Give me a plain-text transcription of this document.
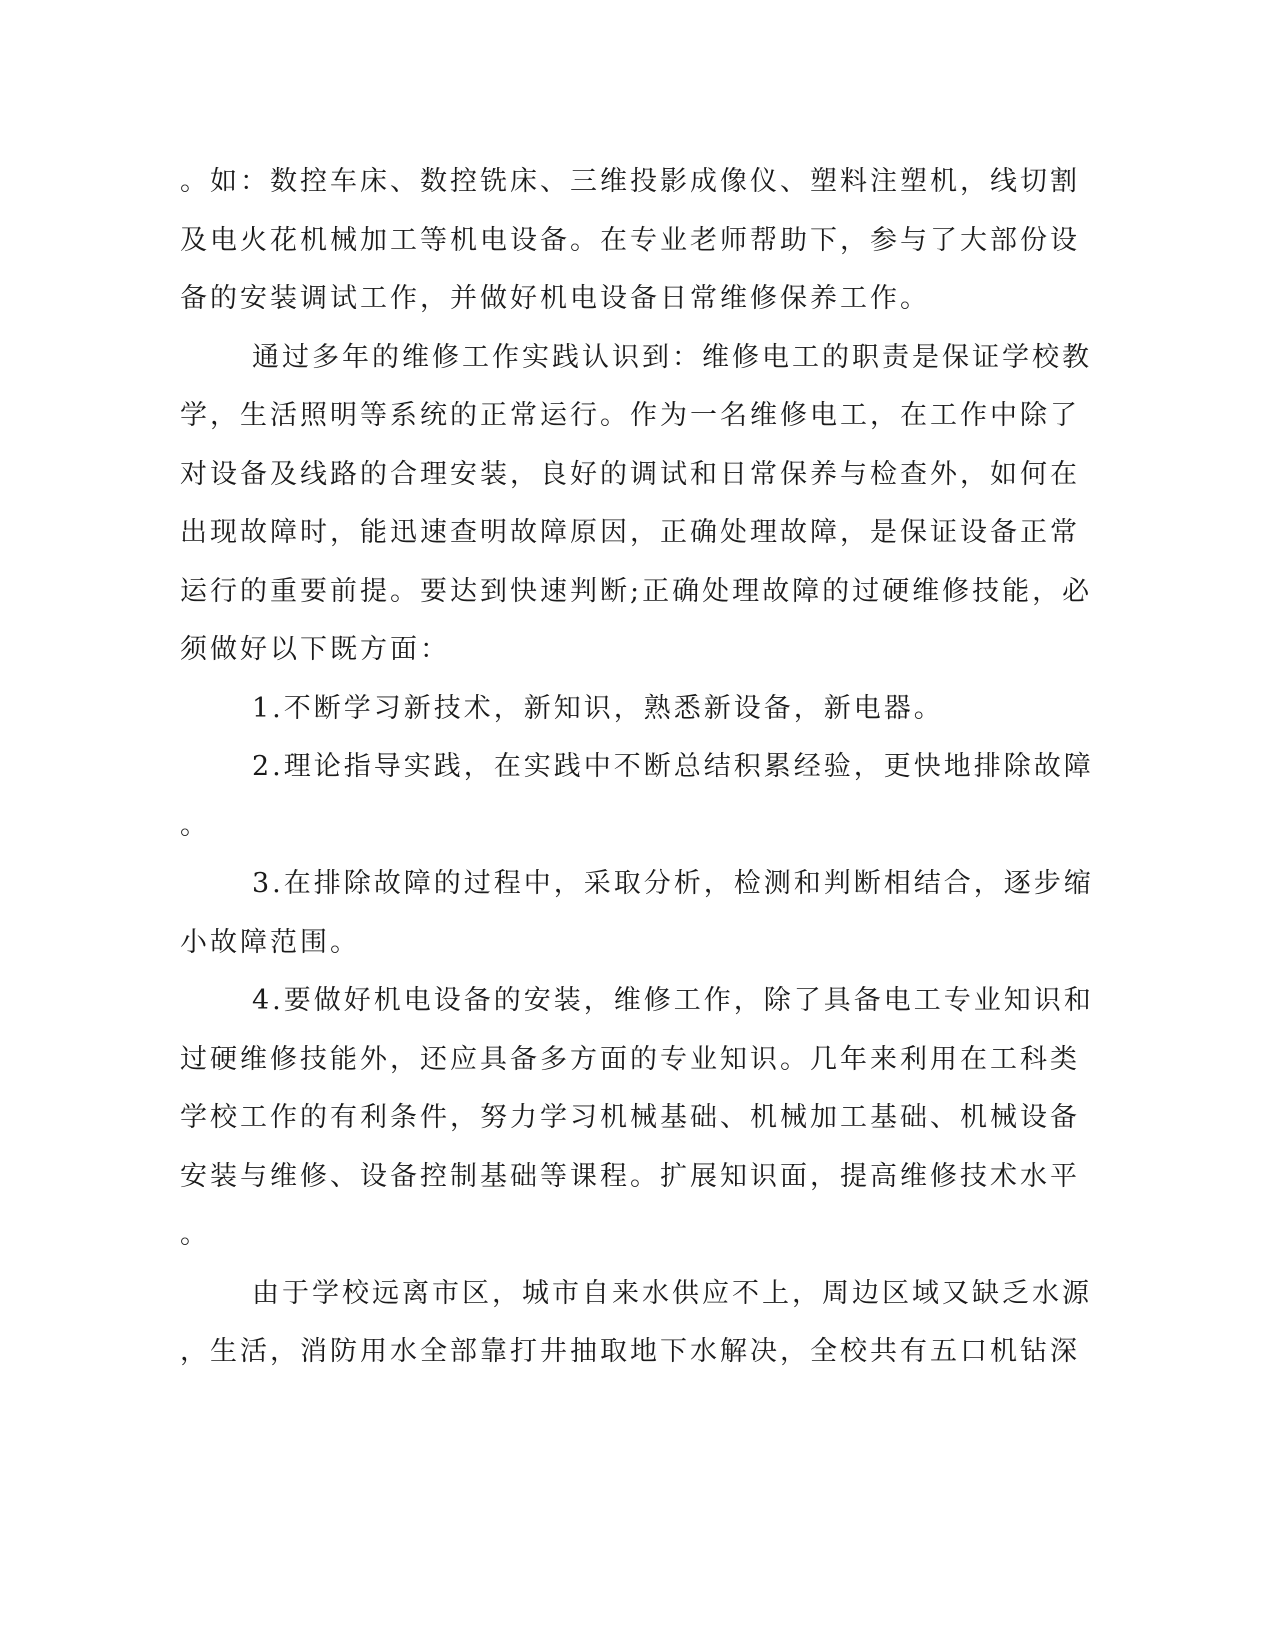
。如：数控车床、数控铣床、三维投影成像仪、塑料注塑机，线切割
及电火花机械加工等机电设备。在专业老师帮助下，参与了大部份设
备的安装调试工作，并做好机电设备日常维修保养工作。
通过多年的维修工作实践认识到：维修电工的职责是保证学校教
学，生活照明等系统的正常运行。作为一名维修电工，在工作中除了
对设备及线路的合理安装，良好的调试和日常保养与检查外，如何在
出现故障时，能迅速查明故障原因，正确处理故障，是保证设备正常
运行的重要前提。要达到快速判断;正确处理故障的过硬维修技能，必
须做好以下既方面：
1.不断学习新技术，新知识，熟悉新设备，新电器。
2.理论指导实践，在实践中不断总结积累经验，更快地排除故障
。
3.在排除故障的过程中，采取分析，检测和判断相结合，逐步缩
小故障范围。
4.要做好机电设备的安装，维修工作，除了具备电工专业知识和
过硬维修技能外，还应具备多方面的专业知识。几年来利用在工科类
学校工作的有利条件，努力学习机械基础、机械加工基础、机械设备
安装与维修、设备控制基础等课程。扩展知识面，提高维修技术水平
。
由于学校远离市区，城市自来水供应不上，周边区域又缺乏水源
，生活，消防用水全部靠打井抽取地下水解决，全校共有五口机钻深
